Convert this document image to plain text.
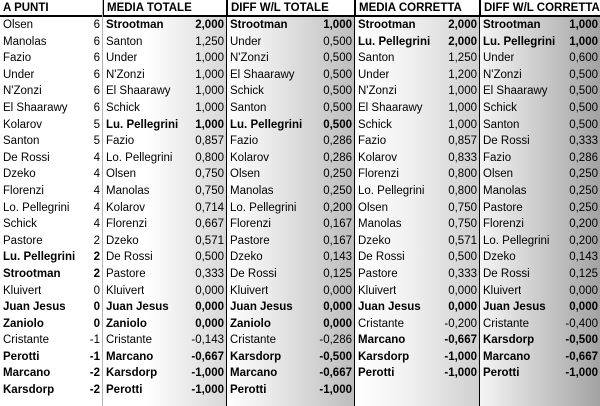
A PUNTI
Olsen	6
Manolas	6
Fazio	6
Under	6
N'Zonzi	6
El Shaarawy 6
Kolarov	5
Santon	5
De Rossi	4
Dzeko	4
Florenzi	4
Lo. Pellegrini 4
Schick	4
Pastore	2
Lu. Pellegrini 2
Strootman	2
Kluivert	0
Juan Jesus 0
Zaniolo	0
Cristante	-1
Perotti	-1
Marcano	-2
Karsdorp	-2
MEDIA TOTALE
Strootman	2,000
Santon	1,250
Under	1,000
N'Zonzi	1,000
El Shaarawy 1,000
Schick	1,000
Lu. Pellegrini 1,000
Fazio	0,857
Lo. Pellegrini 0,800
Olsen	0,750
Manolas	0,750
Kolarov	0,714
Florenzi	0,667
Dzeko	0,571
De Rossi	0,500
Pastore	0,333
Kluivert	0,000
Juan Jesus 0,000
Zaniolo	0,000
Cristante	-0,143
Marcano	-0,667
Karsdorp	-1,000
Perotti	-1,000
DIFF W/L TOTALE
Strootman	1,000
Under	0,500
N'Zonzi	0,500
El Shaarawy 0,500
Schick	0,500
Santon	0,500
Lu. Pellegrini 0,500
Fazio	0,286
Kolarov	0,286
Olsen	0,250
Manolas	0,250
Lo. Pellegrini 0,200
Florenzi	0,167
Pastore	0,167
Dzeko	0,143
De Rossi	0,125
Kluivert	0,000
Juan Jesus	0,000
Zaniolo	0,000
Cristante	-0,286
Karsdorp	-0,500
Marcano	-0,667
Perotti	-1,000
MEDIA CORRETTA
Strootman	2,000
Lu. Pellegrini 2,000
Santon	1,250
Under	1,200
N'Zonzi	1,000
El Shaarawy 1,000
Schick	1,000
Fazio	0,857
Kolarov	0,833
Florenzi	0,800
Lo. Pellegrini 0,800
Olsen	0,750
Manolas	0,750
Dzeko	0,571
De Rossi	0,500
Pastore	0,333
Kluivert	0,000
Juan Jesus 0,000
Cristante	-0,200
Marcano	-0,667
Karsdorp	-1,000
Perotti	-1,000
DIFF W/L CORRETTA
Strootman 1,000
Lu. Pellegrini 1,000
Under	0,600
N'Zonzi	0,500
El Shaarawy 0,500
Schick	0,500
Santon	0,500
De Rossi	0,333
Fazio	0,286
Olsen	0,250
Manolas	0,250
Pastore	0,250
Florenzi	0,200
Lo. Pellegrini 0,200
Dzeko	0,143
De Rossi	0,125
Kluivert	0,000
Juan Jesus 0,000
Cristante	-0,400
Karsdorp	-0,500
Marcano	-0,667
Perotti	-1,000
